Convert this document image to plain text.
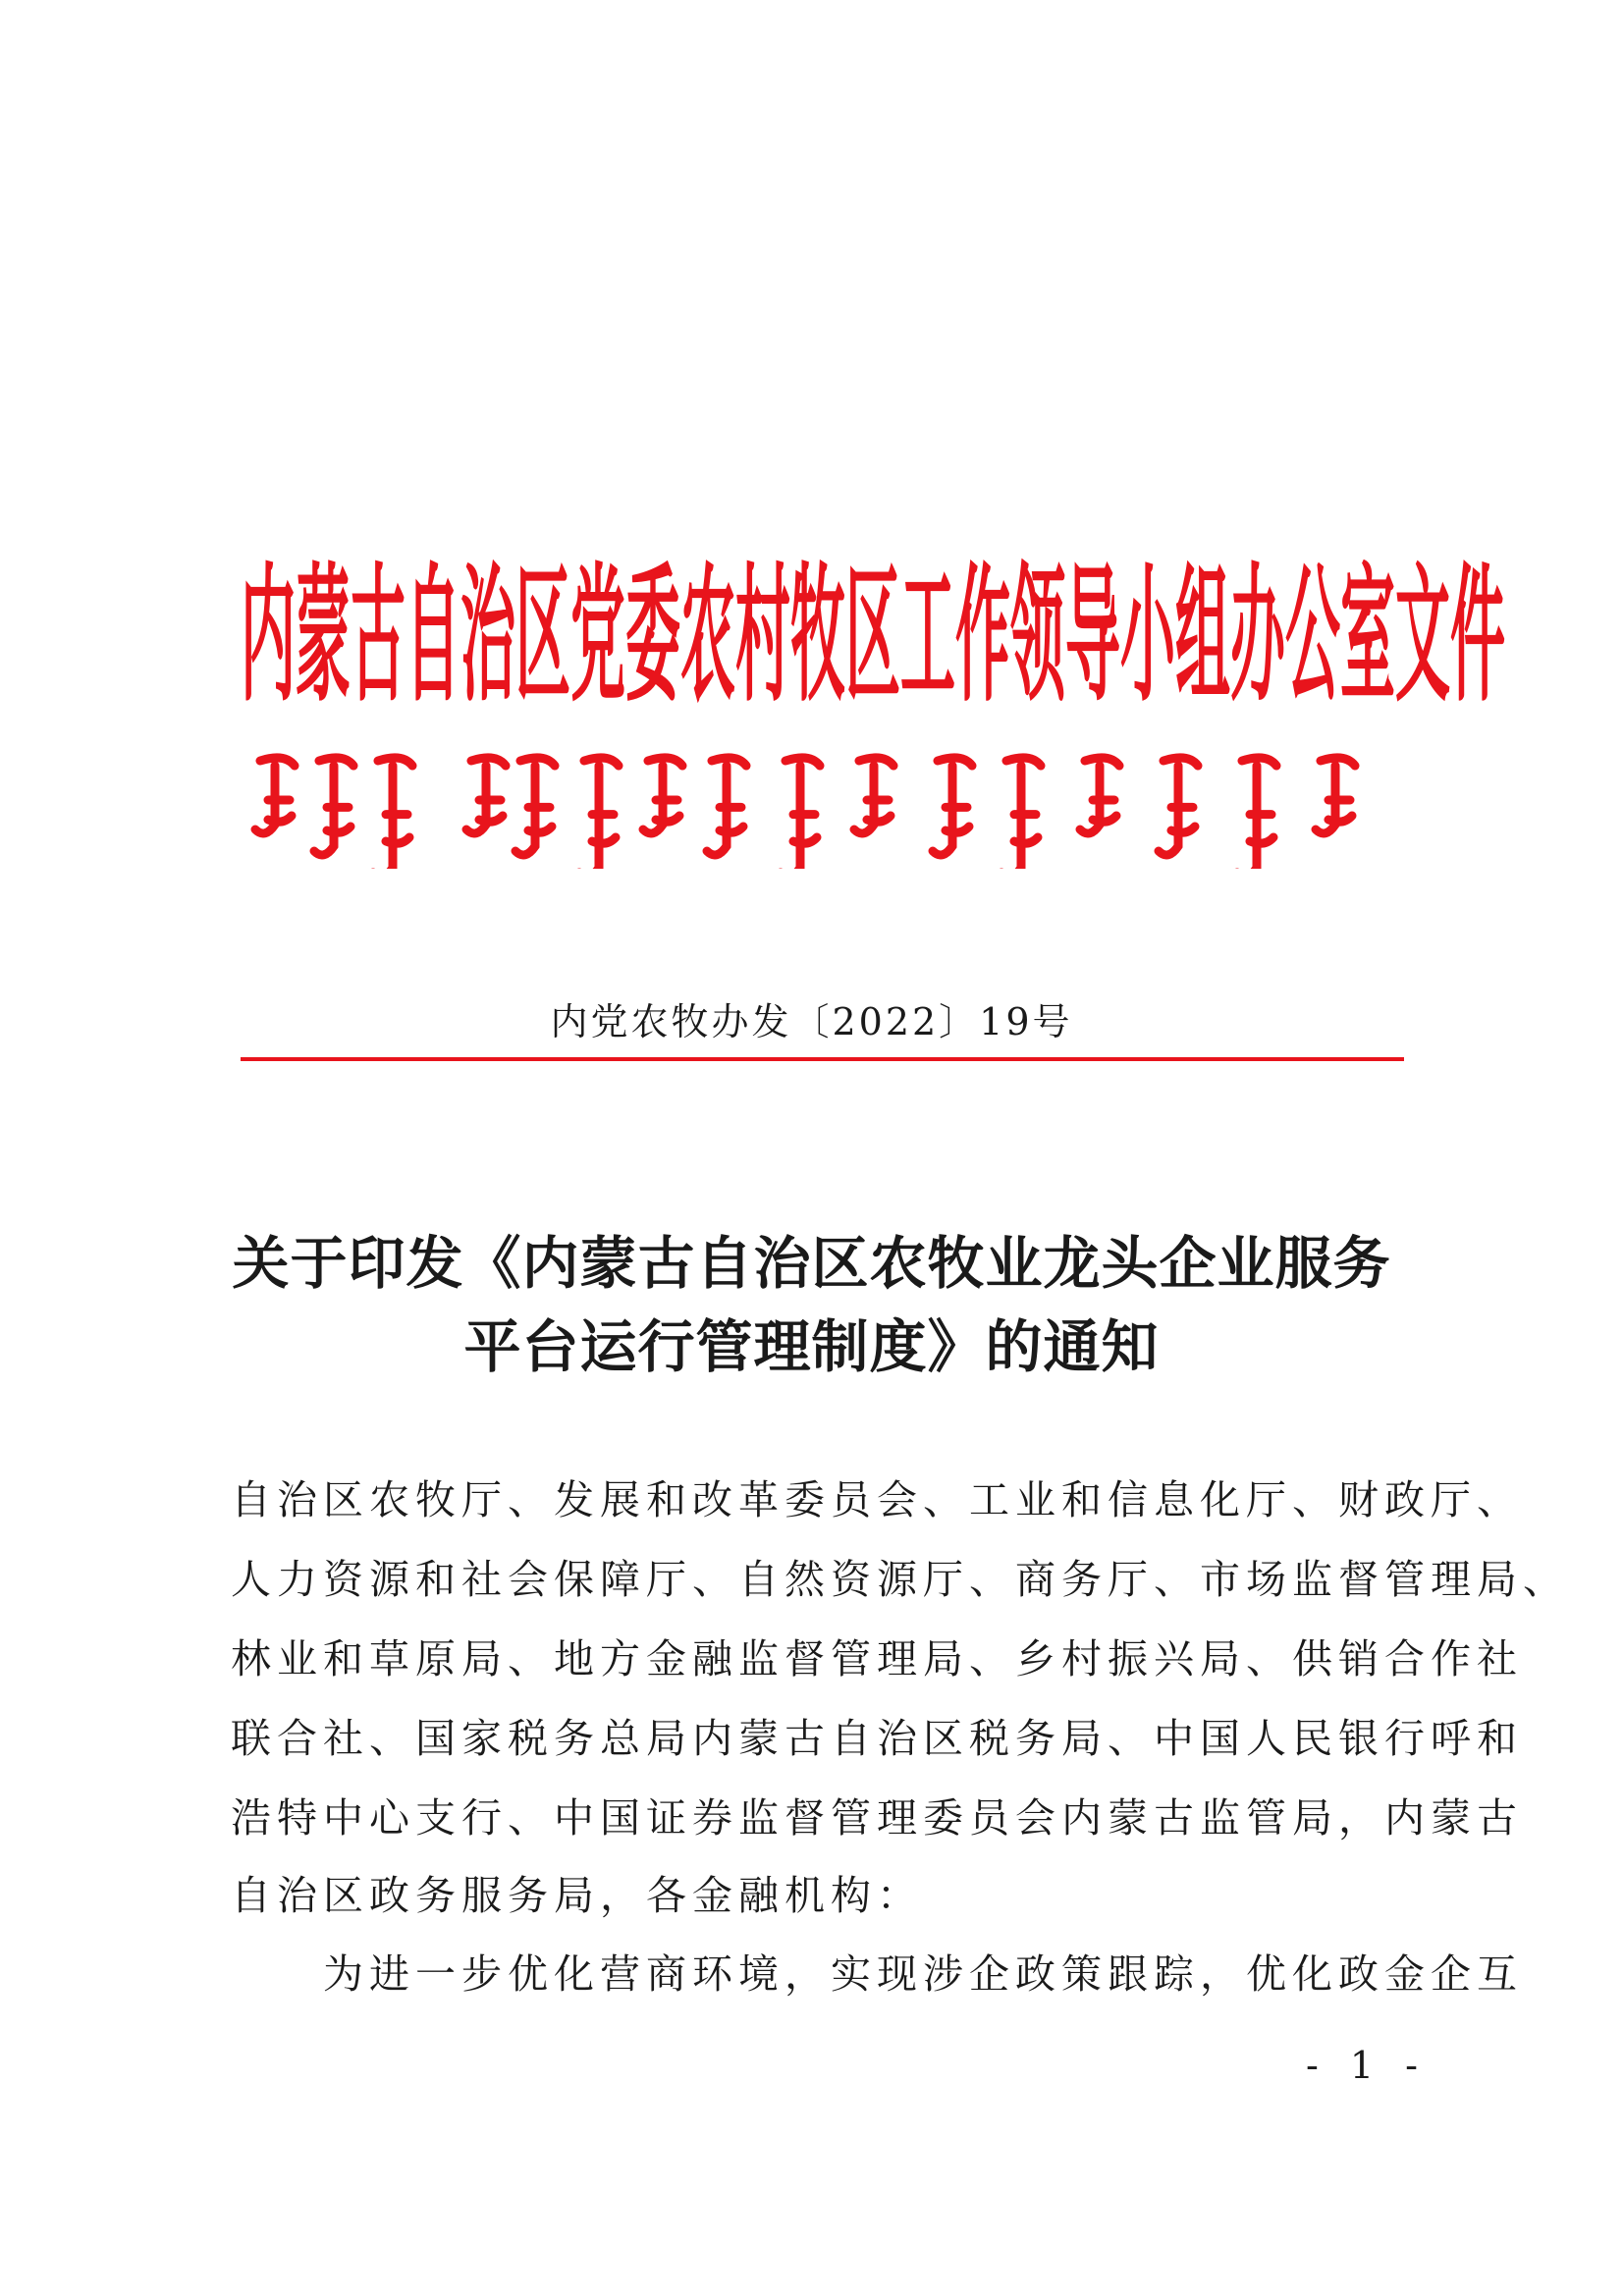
内蒙古自治区党委农村牧区工作领导小组办公室文件
内党农牧办发〔2022〕19号
关于印发《内蒙古自治区农牧业龙头企业服务
平台运行管理制度》的通知
自治区农牧厅、发展和改革委员会、工业和信息化厅、财政厅、
人力资源和社会保障厅、自然资源厅、商务厅、市场监督管理局、
林业和草原局、地方金融监督管理局、乡村振兴局、供销合作社
联合社、国家税务总局内蒙古自治区税务局、中国人民银行呼和
浩特中心支行、中国证券监督管理委员会内蒙古监管局，内蒙古
自治区政务服务局，各金融机构：
　　为进一步优化营商环境，实现涉企政策跟踪，优化政金企互
- 1 -
